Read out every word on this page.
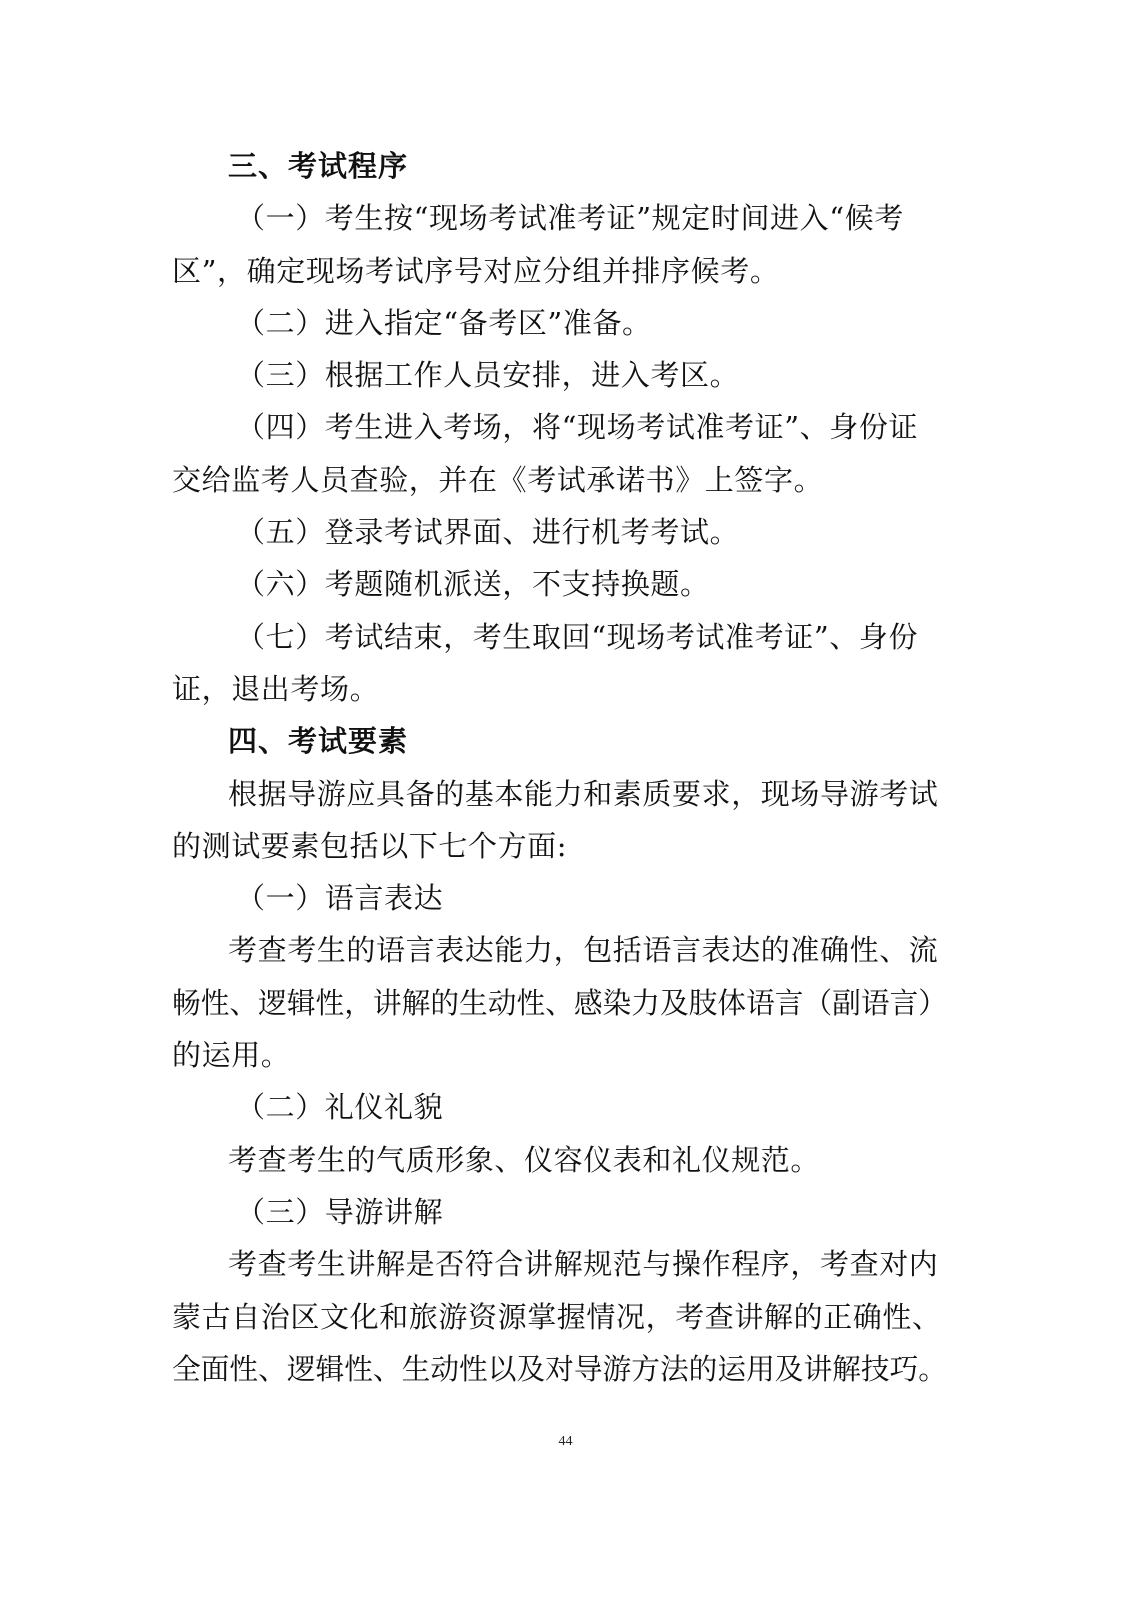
三、考试程序
（一）考生按“现场考试准考证”规定时间进入“候考
区”，确定现场考试序号对应分组并排序候考。
（二）进入指定“备考区”准备。
（三）根据工作人员安排，进入考区。
（四）考生进入考场，将“现场考试准考证”、身份证
交给监考人员查验，并在《考试承诺书》上签字。
（五）登录考试界面、进行机考考试。
（六）考题随机派送，不支持换题。
（七）考试结束，考生取回“现场考试准考证”、身份
证，退出考场。
四、考试要素
根据导游应具备的基本能力和素质要求，现场导游考试
的测试要素包括以下七个方面:
（一）语言表达
考查考生的语言表达能力，包括语言表达的准确性、流
畅性、逻辑性，讲解的生动性、感染力及肢体语言（副语言）
的运用。
（二）礼仪礼貌
考查考生的气质形象、仪容仪表和礼仪规范。
（三）导游讲解
考查考生讲解是否符合讲解规范与操作程序，考查对内
蒙古自治区文化和旅游资源掌握情况，考查讲解的正确性、
全面性、逻辑性、生动性以及对导游方法的运用及讲解技巧。
44
